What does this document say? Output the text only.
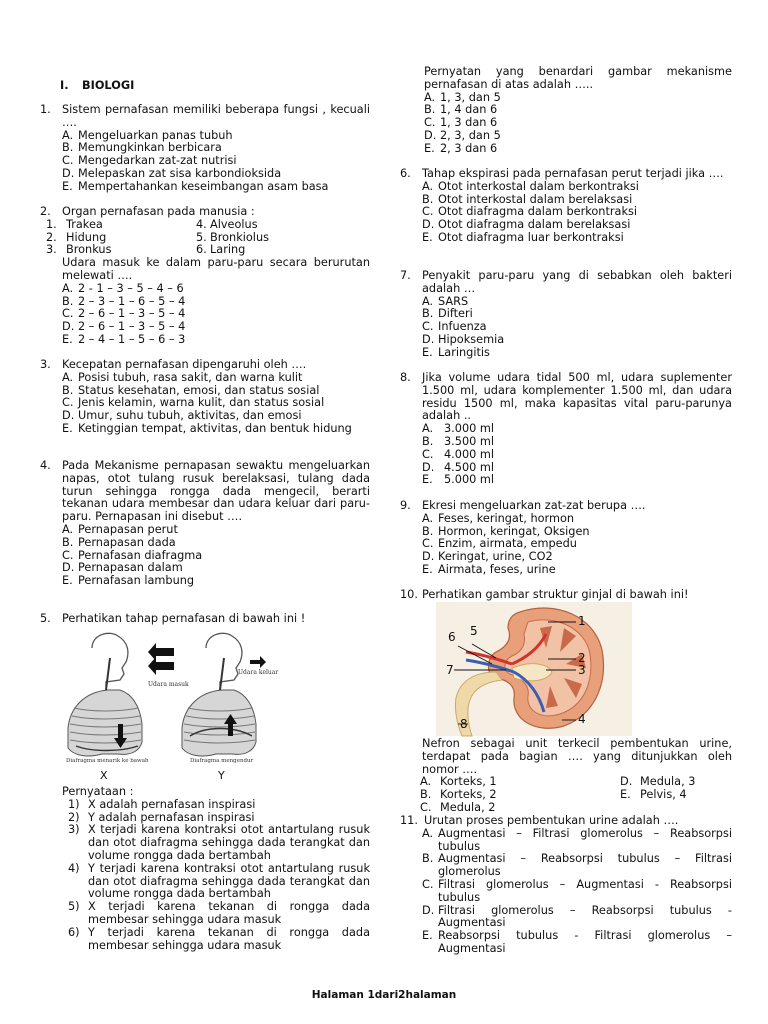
I. BIOLOGI
1. Sistem pernafasan memiliki beberapa fungsi , kecuali ….
A. Mengeluarkan panas tubuh
B. Memungkinkan berbicara
C. Mengedarkan zat-zat nutrisi
D. Melepaskan zat sisa karbondioksida
E. Mempertahankan keseimbangan asam basa
2. Organ pernafasan pada manusia :
1. Trakea	4. Alveolus
2. Hidung	5. Bronkiolus
3. Bronkus	6. Laring
Udara masuk ke dalam paru-paru secara berurutan melewati ….
A. 2 - 1 – 3 – 5 – 4 – 6
B. 2 – 3 – 1 – 6 – 5 – 4
C. 2 – 6 – 1 – 3 – 5 – 4
D. 2 – 6 – 1 – 3 – 5 – 4
E. 2 – 4 – 1 – 5 – 6 – 3
3. Kecepatan pernafasan dipengaruhi oleh ….
A. Posisi tubuh, rasa sakit, dan warna kulit
B. Status kesehatan, emosi, dan status sosial
C. Jenis kelamin, warna kulit, dan status sosial
D. Umur, suhu tubuh, aktivitas, dan emosi
E. Ketinggian tempat, aktivitas, dan bentuk hidung
4. Pada Mekanisme pernapasan sewaktu mengeluarkan napas, otot tulang rusuk berelaksasi, tulang dada turun sehingga rongga dada mengecil, berarti tekanan udara membesar dan udara keluar dari paru-paru. Pernapasan ini disebut ….
A. Pernapasan perut
B. Pernapasan dada
C. Pernafasan diafragma
D. Pernapasan dalam
E. Pernafasan lambung
5. Perhatikan tahap pernafasan di bawah ini !
Udara masuk
Udara keluar
Diafragma menarik ke bawah	Diafragma mengendur
X	Y
Pernyataan :
1) X adalah pernafasan inspirasi
2) Y adalah pernafasan inspirasi
3) X terjadi karena kontraksi otot antartulang rusuk dan otot diafragma sehingga dada terangkat dan volume rongga dada bertambah
4) Y terjadi karena kontraksi otot antartulang rusuk dan otot diafragma sehingga dada terangkat dan volume rongga dada bertambah
5) X terjadi karena tekanan di rongga dada membesar sehingga udara masuk
6) Y terjadi karena tekanan di rongga dada membesar sehingga udara masuk
Pernyatan yang benardari gambar mekanisme pernafasan di atas adalah …..
A. 1, 3, dan 5
B. 1, 4 dan 6
C. 1, 3 dan 6
D. 2, 3, dan 5
E. 2, 3 dan 6
6. Tahap ekspirasi pada pernafasan perut terjadi jika ….
A. Otot interkostal dalam berkontraksi
B. Otot interkostal dalam berelaksasi
C. Otot diafragma dalam berkontraksi
D. Otot diafragma dalam berelaksasi
E. Otot diafragma luar berkontraksi
7. Penyakit paru-paru yang di sebabkan oleh bakteri adalah …
A. SARS
B. Difteri
C. Infuenza
D. Hipoksemia
E. Laringitis
8. Jika volume udara tidal 500 ml, udara suplementer 1.500 ml, udara komplementer 1.500 ml, dan udara residu 1500 ml, maka kapasitas vital paru-parunya adalah ..
A. 3.000 ml
B. 3.500 ml
C. 4.000 ml
D. 4.500 ml
E. 5.000 ml
9. Ekresi mengeluarkan zat-zat berupa ….
A. Feses, keringat, hormon
B. Hormon, keringat, Oksigen
C. Enzim, airmata, empedu
D. Keringat, urine, CO2
E. Airmata, feses, urine
10. Perhatikan gambar struktur ginjal di bawah ini!
1
2
3
4
5
6
7
8
Nefron sebagai unit terkecil pembentukan urine, terdapat pada bagian …. yang ditunjukkan oleh nomor ….
A. Korteks, 1	D. Medula, 3
B. Korteks, 2	E. Pelvis, 4
C. Medula, 2
11. Urutan proses pembentukan urine adalah ….
A. Augmentasi – Filtrasi glomerolus – Reabsorpsi tubulus
B. Augmentasi – Reabsorpsi tubulus – Filtrasi glomerolus
C. Filtrasi glomerolus – Augmentasi - Reabsorpsi tubulus
D. Filtrasi glomerolus – Reabsorpsi tubulus - Augmentasi
E. Reabsorpsi tubulus - Filtrasi glomerolus – Augmentasi
Halaman 1dari2halaman
